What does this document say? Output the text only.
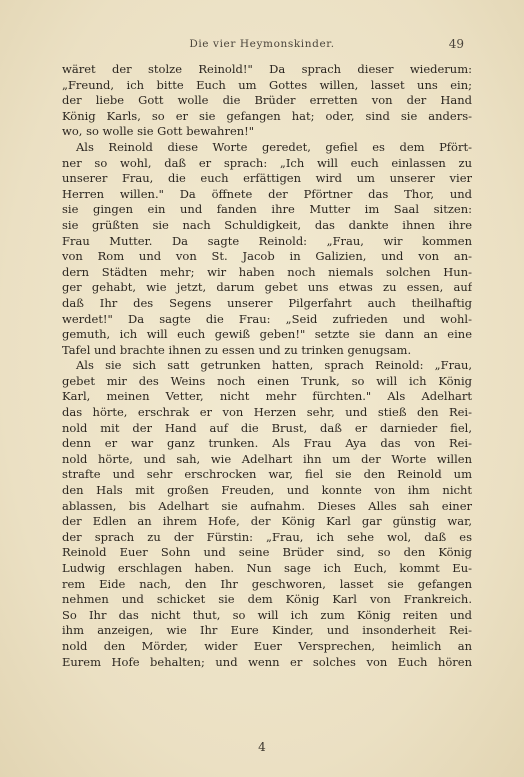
Die vier Heymonskinder.	49
wäret der stolze Reinold!" Da sprach dieser wiederum:
„Freund, ich bitte Euch um Gottes willen, lasset uns ein;
der liebe Gott wolle die Brüder erretten von der Hand
König Karls, so er sie gefangen hat; oder, sind sie anders-
wo, so wolle sie Gott bewahren!"
Als Reinold diese Worte geredet, gefiel es dem Pfört-
ner so wohl, daß er sprach: „Ich will euch einlassen zu
unserer Frau, die euch erfättigen wird um unserer vier
Herren willen." Da öffnete der Pförtner das Thor, und
sie gingen ein und fanden ihre Mutter im Saal sitzen:
sie grüßten sie nach Schuldigkeit, das dankte ihnen ihre
Frau Mutter. Da sagte Reinold: „Frau, wir kommen
von Rom und von St. Jacob in Galizien, und von an-
dern Städten mehr; wir haben noch niemals solchen Hun-
ger gehabt, wie jetzt, darum gebet uns etwas zu essen, auf
daß Ihr des Segens unserer Pilgerfahrt auch theilhaftig
werdet!" Da sagte die Frau: „Seid zufrieden und wohl-
gemuth, ich will euch gewiß geben!" setzte sie dann an eine
Tafel und brachte ihnen zu essen und zu trinken genugsam.
Als sie sich satt getrunken hatten, sprach Reinold: „Frau,
gebet mir des Weins noch einen Trunk, so will ich König
Karl, meinen Vetter, nicht mehr fürchten." Als Adelhart
das hörte, erschrak er von Herzen sehr, und stieß den Rei-
nold mit der Hand auf die Brust, daß er darnieder fiel,
denn er war ganz trunken. Als Frau Aya das von Rei-
nold hörte, und sah, wie Adelhart ihn um der Worte willen
strafte und sehr erschrocken war, fiel sie den Reinold um
den Hals mit großen Freuden, und konnte von ihm nicht
ablassen, bis Adelhart sie aufnahm. Dieses Alles sah einer
der Edlen an ihrem Hofe, der König Karl gar günstig war,
der sprach zu der Fürstin: „Frau, ich sehe wol, daß es
Reinold Euer Sohn und seine Brüder sind, so den König
Ludwig erschlagen haben. Nun sage ich Euch, kommt Eu-
rem Eide nach, den Ihr geschworen, lasset sie gefangen
nehmen und schicket sie dem König Karl von Frankreich.
So Ihr das nicht thut, so will ich zum König reiten und
ihm anzeigen, wie Ihr Eure Kinder, und insonderheit Rei-
nold den Mörder, wider Euer Versprechen, heimlich an
Eurem Hofe behalten; und wenn er solches von Euch hören
4
